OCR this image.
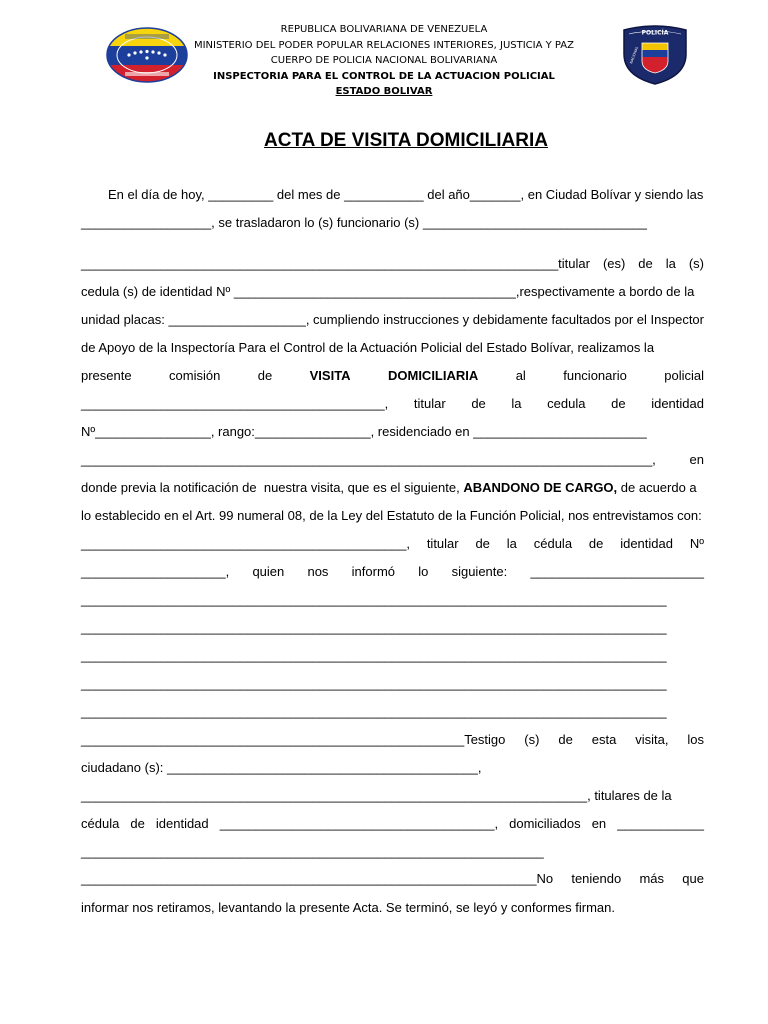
POLICÍA
NACIONAL
REPUBLICA BOLIVARIANA DE VENEZUELA
MINISTERIO DEL PODER POPULAR RELACIONES INTERIORES, JUSTICIA Y PAZ
CUERPO DE POLICIA NACIONAL BOLIVARIANA
INSPECTORIA PARA EL CONTROL DE LA ACTUACION POLICIAL
ESTADO BOLIVAR
ACTA DE VISITA DOMICILIARIA
En el día de hoy, _________ del mes de ___________ del año_______, en Ciudad Bolívar y siendo las
__________________, se trasladaron lo (s) funcionario (s) _______________________________
__________________________________________________________________titular (es) de la (s)
cedula (s) de identidad Nº _______________________________________,respectivamente a bordo de la
unidad placas: ___________________, cumpliendo instrucciones y debidamente facultados por el Inspector
de Apoyo de la Inspectoría Para el Control de la Actuación Policial del Estado Bolívar, realizamos la
presente	comisión	de	VISITA	DOMICILIARIA	al	funcionario	policial
__________________________________________, titular de la cedula de identidad
Nº________________, rango:________________, residenciado en ________________________
_______________________________________________________________________________,	en
donde previa la notificación de  nuestra visita, que es el siguiente, ABANDONO DE CARGO, de acuerdo a
lo establecido en el Art. 99 numeral 08, de la Ley del Estatuto de la Función Policial, nos entrevistamos con:
_____________________________________________, titular de la cédula de identidad Nº
____________________, quien nos informó lo siguiente: ________________________
_________________________________________________________________________________
_________________________________________________________________________________
_________________________________________________________________________________
_________________________________________________________________________________
_________________________________________________________________________________
_____________________________________________________Testigo (s) de esta visita, los
ciudadano (s): ___________________________________________,
______________________________________________________________________, titulares de la
cédula de identidad ______________________________________, domiciliados en ____________
________________________________________________________________
_______________________________________________________________No teniendo más que
informar nos retiramos, levantando la presente Acta. Se terminó, se leyó y conformes firman.
